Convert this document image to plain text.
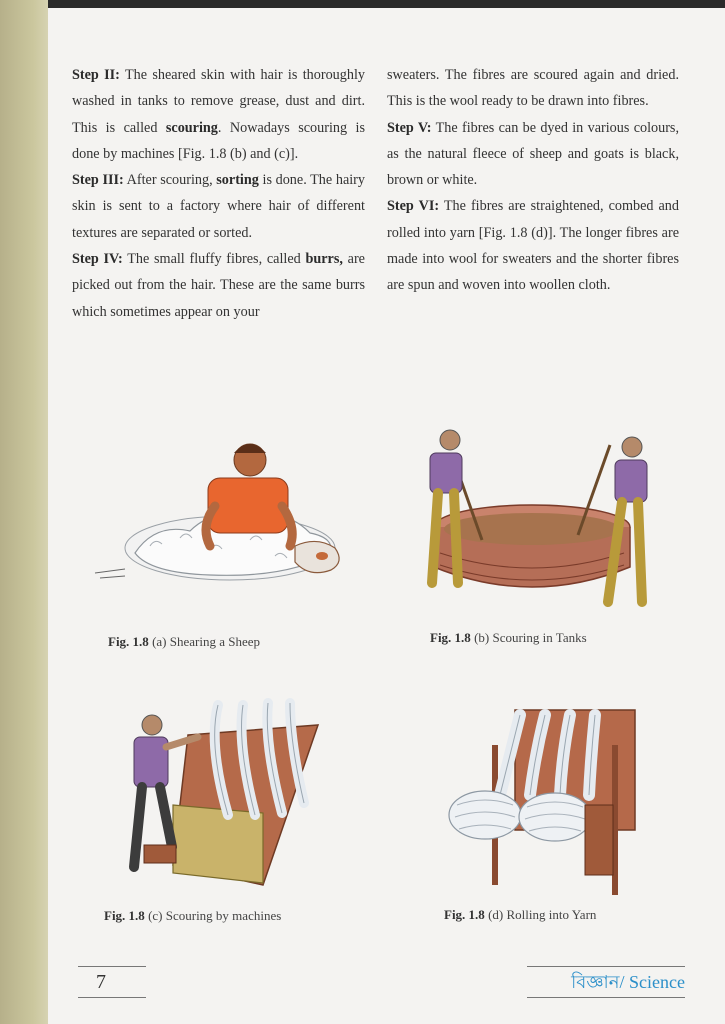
Step II: The sheared skin with hair is thoroughly washed in tanks to remove grease, dust and dirt. This is called scouring. Nowadays scouring is done by machines [Fig. 1.8 (b) and (c)].

Step III: After scouring, sorting is done. The hairy skin is sent to a factory where hair of different textures are separated or sorted.

Step IV: The small fluffy fibres, called burrs, are picked out from the hair. These are the same burrs which sometimes appear on your

sweaters. The fibres are scoured again and dried. This is the wool ready to be drawn into fibres.

Step V: The fibres can be dyed in various colours, as the natural fleece of sheep and goats is black, brown or white.

Step VI: The fibres are straightened, combed and rolled into yarn [Fig. 1.8 (d)]. The longer fibres are made into wool for sweaters and the shorter fibres are spun and woven into woollen cloth.

Fig. 1.8 (a) Shearing a Sheep	Fig. 1.8 (b) Scouring in Tanks
Fig. 1.8 (c) Scouring by machines	Fig. 1.8 (d) Rolling into Yarn
7	বিজ্ঞান/ Science
